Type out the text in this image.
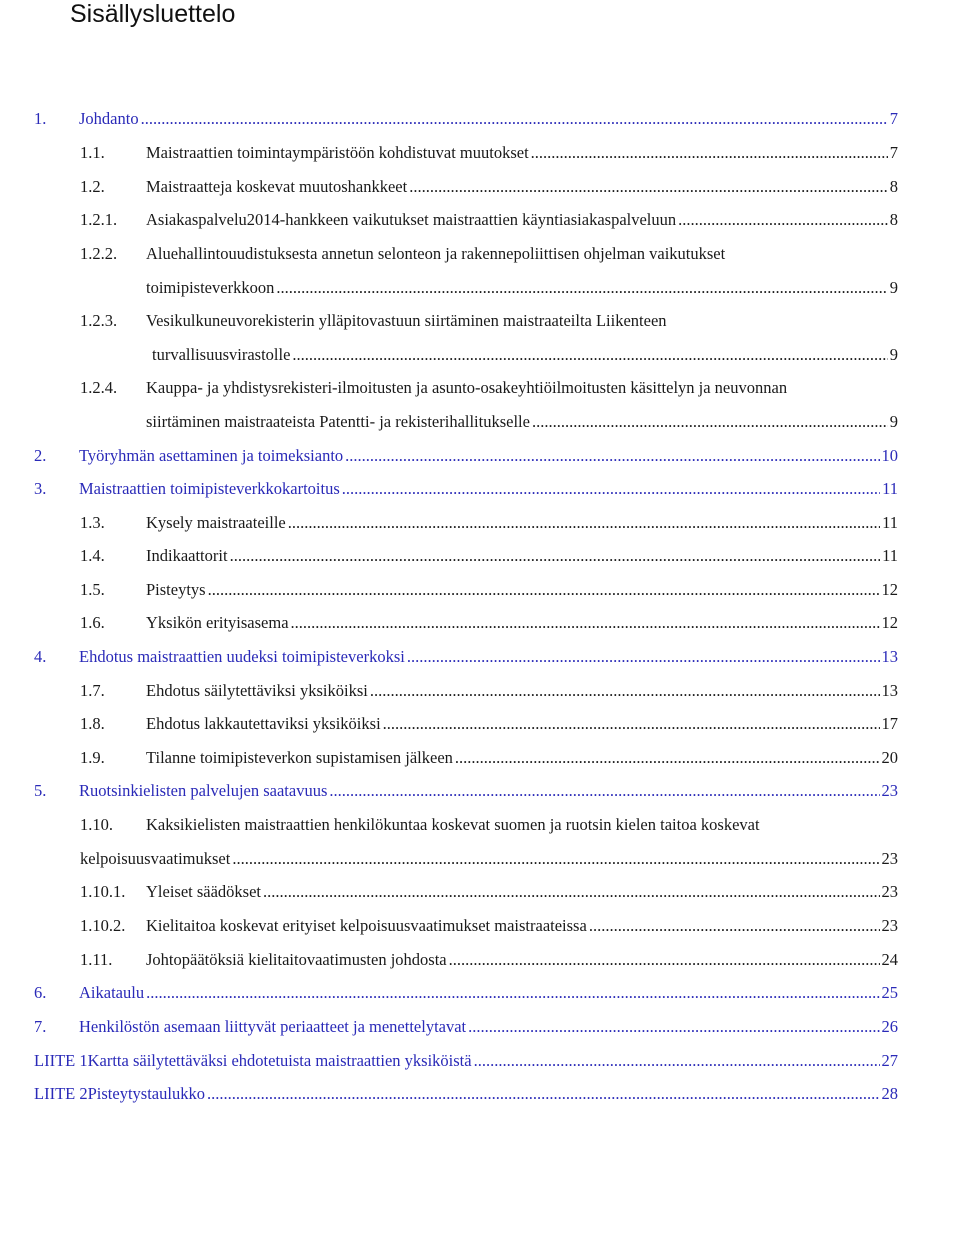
Sisällysluettelo
1. Johdanto .....	7
1.1.	Maistraattien toimintaympäristöön kohdistuvat muutokset .....	7
1.2.	Maistraatteja koskevat muutoshankkeet .....	8
1.2.1. Asiakaspalvelu2014-hankkeen vaikutukset maistraattien käyntiasiakaspalveluun .....	8
1.2.2. Aluehallintouudistuksesta annetun selonteon ja rakennepoliittisen ohjelman vaikutukset
toimipisteverkkoon .....	9
1.2.3. Vesikulkuneuvorekisterin ylläpitovastuun siirtäminen maistraateilta Liikenteen
turvallisuusvirastolle .....	9
1.2.4. Kauppa- ja yhdistysrekisteri-ilmoitusten ja asunto-osakeyhtiöilmoitusten käsittelyn ja neuvonnan
siirtäminen maistraateista Patentti- ja rekisterihallitukselle .....	9
2. Työryhmän asettaminen ja toimeksianto .....	10
3. Maistraattien toimipisteverkkokartoitus .....	11
1.3.	Kysely maistraateille .....	11
1.4.	Indikaattorit .....	11
1.5.	Pisteytys .....	12
1.6.	Yksikön erityisasema .....	12
4. Ehdotus maistraattien uudeksi toimipisteverkoksi .....	13
1.7.	Ehdotus säilytettäviksi yksiköiksi .....	13
1.8.	Ehdotus lakkautettaviksi yksiköiksi .....	17
1.9.	Tilanne toimipisteverkon supistamisen jälkeen .....	20
5. Ruotsinkielisten palvelujen saatavuus .....	23
1.10. Kaksikielisten maistraattien henkilökuntaa koskevat suomen ja ruotsin kielen taitoa koskevat
kelpoisuusvaatimukset .....	23
1.10.1. Yleiset säädökset .....	23
1.10.2. Kielitaitoa koskevat erityiset kelpoisuusvaatimukset maistraateissa .....	23
1.11. Johtopäätöksiä kielitaitovaatimusten johdosta .....	24
6. Aikataulu .....	25
7. Henkilöstön asemaan liittyvät periaatteet ja menettelytavat .....	26
LIITE 1Kartta säilytettäväksi ehdotetuista maistraattien yksiköistä .....	27
LIITE 2Pisteytystaulukko .....	28
